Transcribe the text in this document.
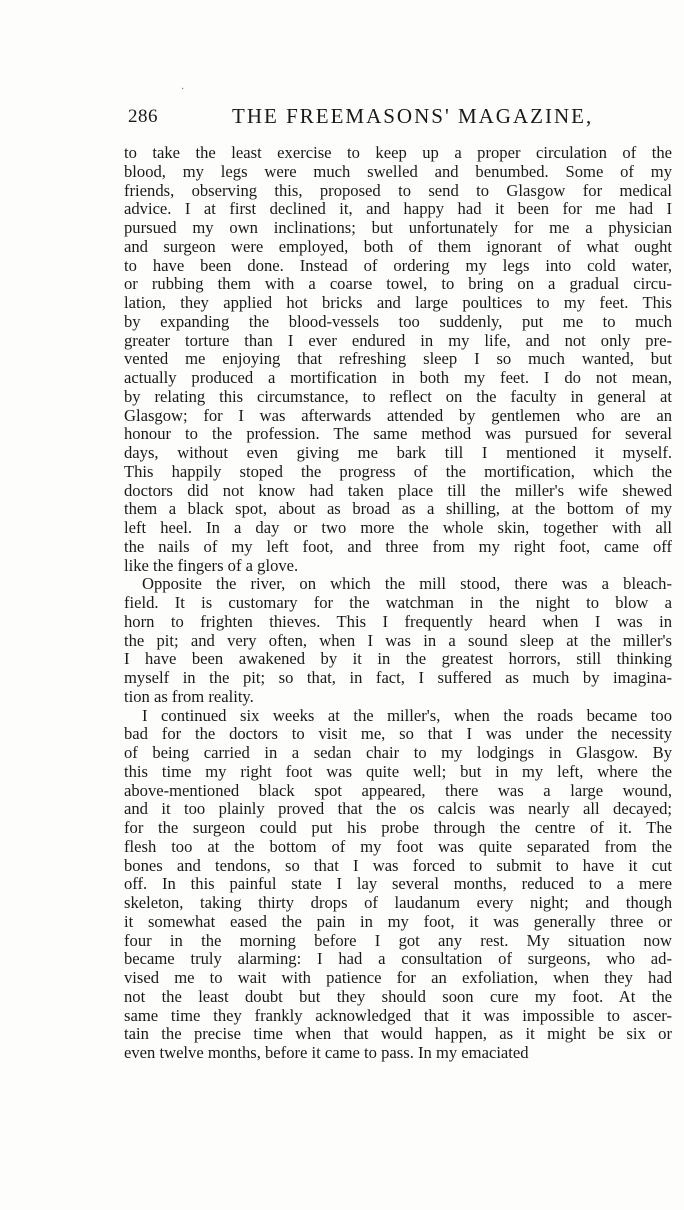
·
286	THE FREEMASONS' MAGAZINE,
to take the least exercise to keep up a proper circulation of the
blood, my legs were much swelled and benumbed. Some of my
friends, observing this, proposed to send to Glasgow for medical
advice. I at first declined it, and happy had it been for me had I
pursued my own inclinations; but unfortunately for me a physician
and surgeon were employed, both of them ignorant of what ought
to have been done. Instead of ordering my legs into cold water,
or rubbing them with a coarse towel, to bring on a gradual circu-
lation, they applied hot bricks and large poultices to my feet. This
by expanding the blood-vessels too suddenly, put me to much
greater torture than I ever endured in my life, and not only pre-
vented me enjoying that refreshing sleep I so much wanted, but
actually produced a mortification in both my feet. I do not mean,
by relating this circumstance, to reflect on the faculty in general at
Glasgow; for I was afterwards attended by gentlemen who are an
honour to the profession. The same method was pursued for several
days, without even giving me bark till I mentioned it myself.
This happily stoped the progress of the mortification, which the
doctors did not know had taken place till the miller's wife shewed
them a black spot, about as broad as a shilling, at the bottom of my
left heel. In a day or two more the whole skin, together with all
the nails of my left foot, and three from my right foot, came off
like the fingers of a glove.
Opposite the river, on which the mill stood, there was a bleach-
field. It is customary for the watchman in the night to blow a
horn to frighten thieves. This I frequently heard when I was in
the pit; and very often, when I was in a sound sleep at the miller's
I have been awakened by it in the greatest horrors, still thinking
myself in the pit; so that, in fact, I suffered as much by imagina-
tion as from reality.
I continued six weeks at the miller's, when the roads became too
bad for the doctors to visit me, so that I was under the necessity
of being carried in a sedan chair to my lodgings in Glasgow. By
this time my right foot was quite well; but in my left, where the
above-mentioned black spot appeared, there was a large wound,
and it too plainly proved that the os calcis was nearly all decayed;
for the surgeon could put his probe through the centre of it. The
flesh too at the bottom of my foot was quite separated from the
bones and tendons, so that I was forced to submit to have it cut
off. In this painful state I lay several months, reduced to a mere
skeleton, taking thirty drops of laudanum every night; and though
it somewhat eased the pain in my foot, it was generally three or
four in the morning before I got any rest. My situation now
became truly alarming: I had a consultation of surgeons, who ad-
vised me to wait with patience for an exfoliation, when they had
not the least doubt but they should soon cure my foot. At the
same time they frankly acknowledged that it was impossible to ascer-
tain the precise time when that would happen, as it might be six or
even twelve months, before it came to pass. In my emaciated
